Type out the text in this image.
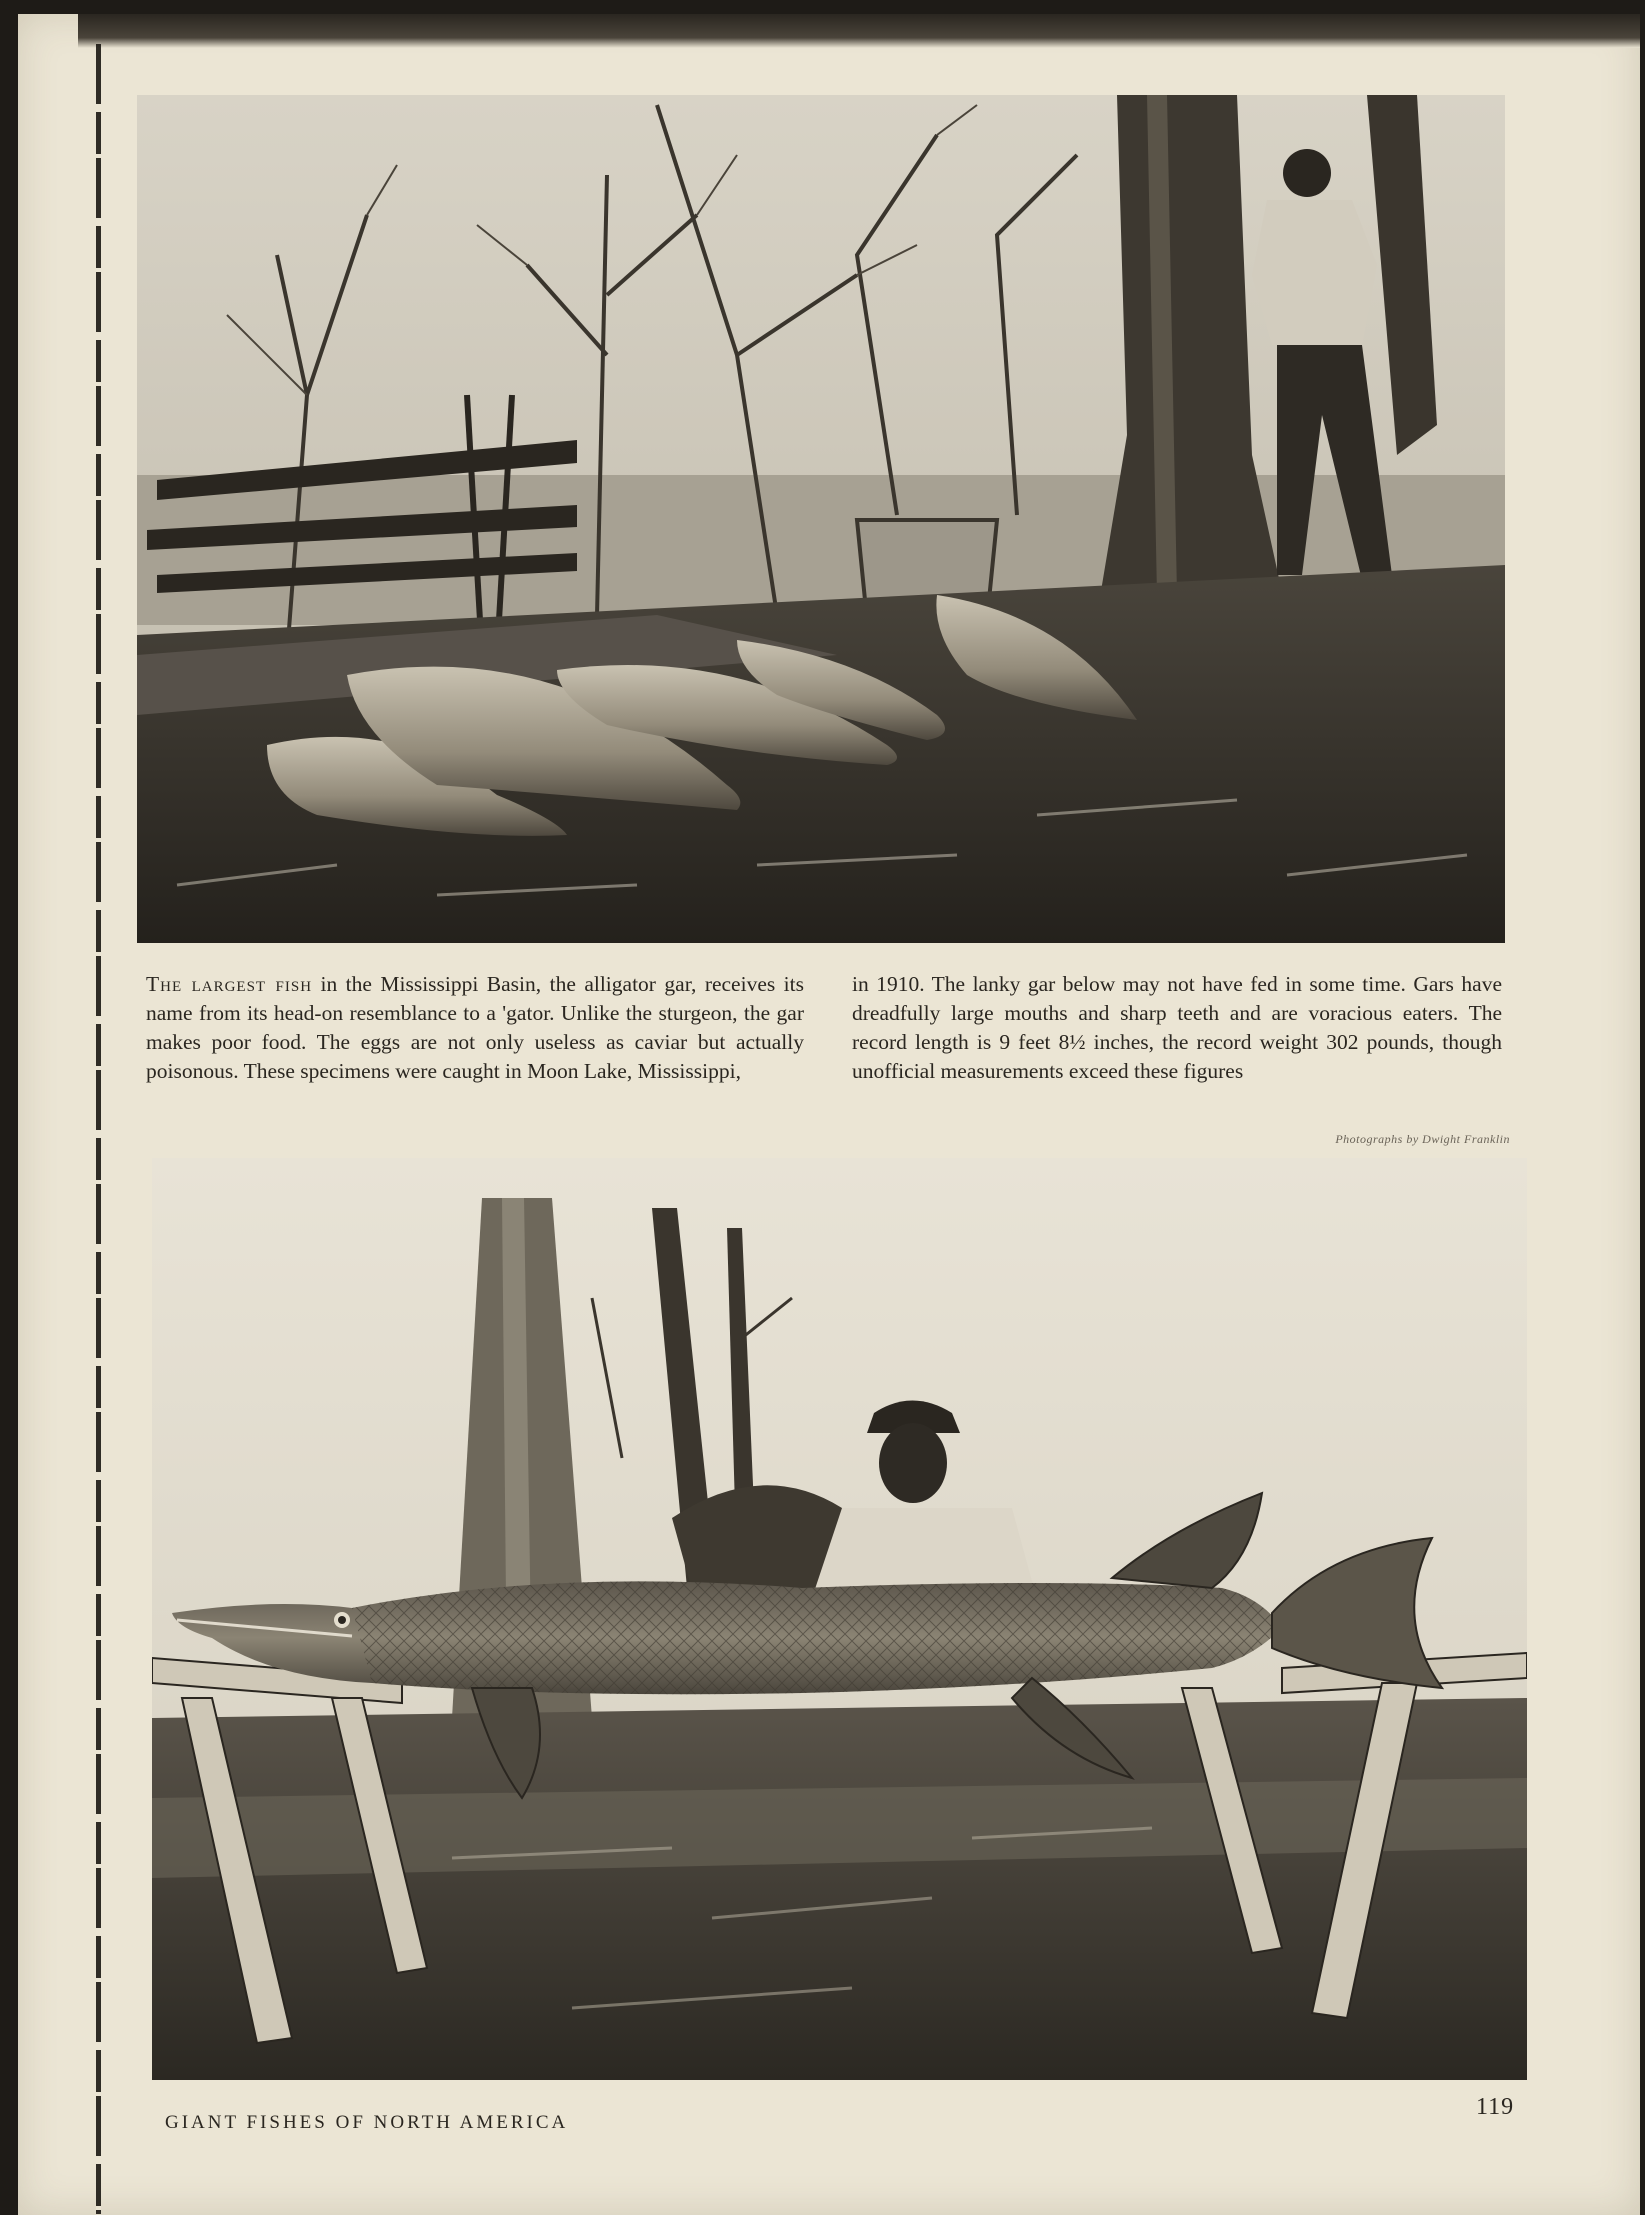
The largest fish in the Mississippi Basin, the alligator gar, receives its name from its head-on resemblance to a 'gator. Unlike the sturgeon, the gar makes poor food. The eggs are not only useless as caviar but actually poisonous. These specimens were caught in Moon Lake, Mississippi,

in 1910. The lanky gar below may not have fed in some time. Gars have dreadfully large mouths and sharp teeth and are voracious eaters. The record length is 9 feet 8½ inches, the record weight 302 pounds, though unofficial measurements exceed these figures

Photographs by Dwight Franklin
GIANT FISHES OF NORTH AMERICA
119
